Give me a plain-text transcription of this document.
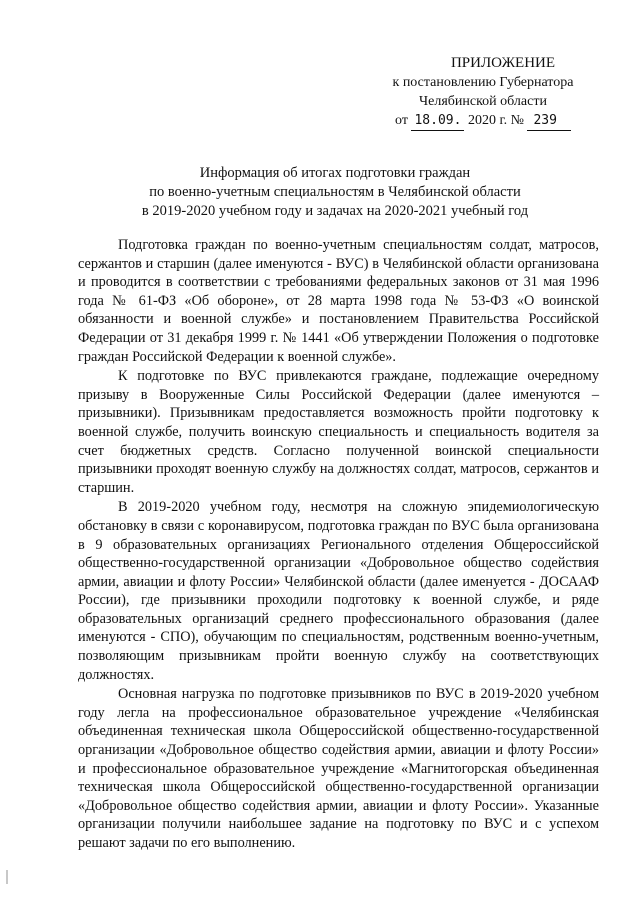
ПРИЛОЖЕНИЕ
к постановлению Губернатора
Челябинской области
от 18.09. 2020 г. № 239
Информация об итогах подготовки граждан
по военно-учетным специальностям в Челябинской области
в 2019-2020 учебном году и задачах на 2020-2021 учебный год

Подготовка граждан по военно-учетным специальностям солдат, матросов, сержантов и старшин (далее именуются - ВУС) в Челябинской области организована и проводится в соответствии с требованиями федеральных законов от 31 мая 1996 года № 61-ФЗ «Об обороне», от 28 марта 1998 года № 53-ФЗ «О воинской обязанности и военной службе» и постановлением Правительства Российской Федерации от 31 декабря 1999 г. № 1441 «Об утверждении Положения о подготовке граждан Российской Федерации к военной службе».

К подготовке по ВУС привлекаются граждане, подлежащие очередному призыву в Вооруженные Силы Российской Федерации (далее именуются – призывники). Призывникам предоставляется возможность пройти подготовку к военной службе, получить воинскую специальность и специальность водителя за счет бюджетных средств. Согласно полученной воинской специальности призывники проходят военную службу на должностях солдат, матросов, сержантов и старшин.

В 2019-2020 учебном году, несмотря на сложную эпидемиологическую обстановку в связи с коронавирусом, подготовка граждан по ВУС была организована в 9 образовательных организациях Регионального отделения Общероссийской общественно-государственной организации «Добровольное общество содействия армии, авиации и флоту России» Челябинской области (далее именуется - ДОСААФ России), где призывники проходили подготовку к военной службе, и ряде образовательных организаций среднего профессионального образования (далее именуются - СПО), обучающим по специальностям, родственным военно-учетным, позволяющим призывникам пройти военную службу на соответствующих должностях.

Основная нагрузка по подготовке призывников по ВУС в 2019-2020 учебном году легла на профессиональное образовательное учреждение «Челябинская объединенная техническая школа Общероссийской общественно-государственной организации «Добровольное общество содействия армии, авиации и флоту России» и профессиональное образовательное учреждение «Магнитогорская объединенная техническая школа Общероссийской общественно-государственной организации «Добровольное общество содействия армии, авиации и флоту России». Указанные организации получили наибольшее задание на подготовку по ВУС и с успехом решают задачи по его выполнению.
